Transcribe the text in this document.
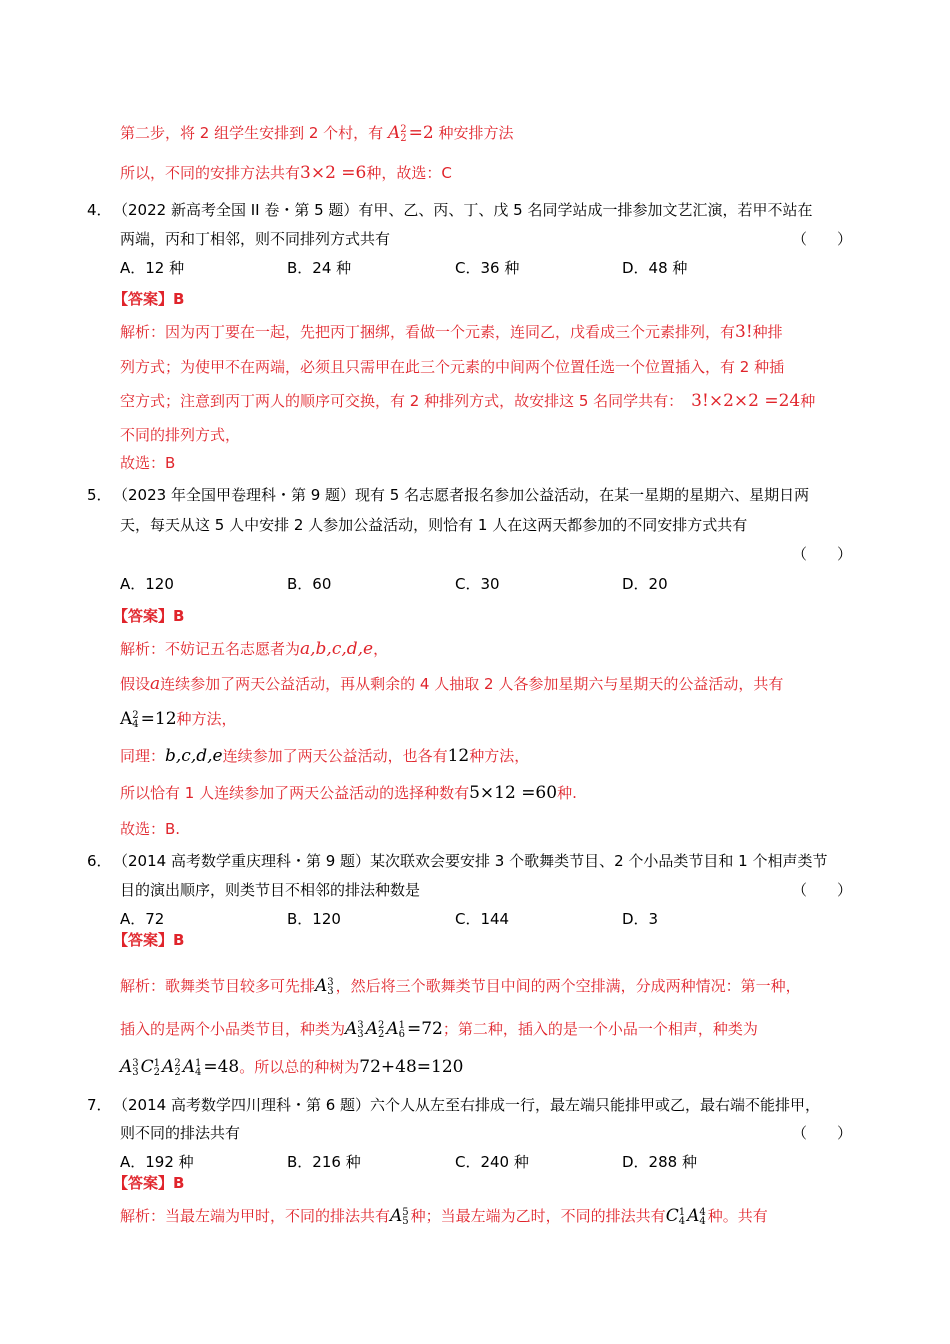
第二步，将 2 组学生安排到 2 个村，有 A 2
2 =2 种安排方法
所以，不同的安排方法共有3×2 =6种，故选：C
4． （2022 新高考全国 II 卷・第 5 题）有甲、乙、丙、丁、戊 5 名同学站成一排参加文艺汇演，若甲不站在
两端，丙和丁相邻，则不同排列方式共有	（　　）
A．12 种	B．24 种	C．36 种	D．48 种
【答案】B
解析：因为丙丁要在一起，先把丙丁捆绑，看做一个元素，连同乙，戊看成三个元素排列，有3!种排
列方式；为使甲不在两端，必须且只需甲在此三个元素的中间两个位置任选一个位置插入，有 2 种插
空方式；注意到丙丁两人的顺序可交换，有 2 种排列方式，故安排这 5 名同学共有： 3!×2×2 =24种
不同的排列方式，
故选：B
5． （2023 年全国甲卷理科・第 9 题）现有 5 名志愿者报名参加公益活动，在某一星期的星期六、星期日两
天，每天从这 5 人中安排 2 人参加公益活动，则恰有 1 人在这两天都参加的不同安排方式共有
（　　）
A．120	B．60	C．30	D．20
【答案】B
解析：不妨记五名志愿者为a,b,c,d,e，
假设a连续参加了两天公益活动，再从剩余的 4 人抽取 2 人各参加星期六与星期天的公益活动，共有
A 2
4 =12种方法，
同理：b,c,d,e连续参加了两天公益活动，也各有12种方法，
所以恰有 1 人连续参加了两天公益活动的选择种数有5×12 =60种.
故选：B.
6． （2014 高考数学重庆理科・第 9 题）某次联欢会要安排 3 个歌舞类节目、2 个小品类节目和 1 个相声类节
目的演出顺序，则类节目不相邻的排法种数是	（　　）
A．72	B．120	C．144	D．3
【答案】B
解析：歌舞类节目较多可先排A 3
3 ，然后将三个歌舞类节目中间的两个空排满，分成两种情况：第一种，
插入的是两个小品类节目，种类为A 3
3 A 2
2 A 1
6 =72；第二种，插入的是一个小品一个相声，种类为
A 3
3 C 1
2 A 2
2 A 1
4 =48。所以总的种树为72+48=120
7． （2014 高考数学四川理科・第 6 题）六个人从左至右排成一行，最左端只能排甲或乙，最右端不能排甲，
则不同的排法共有	（　　）
A．192 种	B．216 种	C．240 种	D．288 种
【答案】B
解析：当最左端为甲时，不同的排法共有A 5
5 种；当最左端为乙时，不同的排法共有C 1
4 A 4
4 种。共有
